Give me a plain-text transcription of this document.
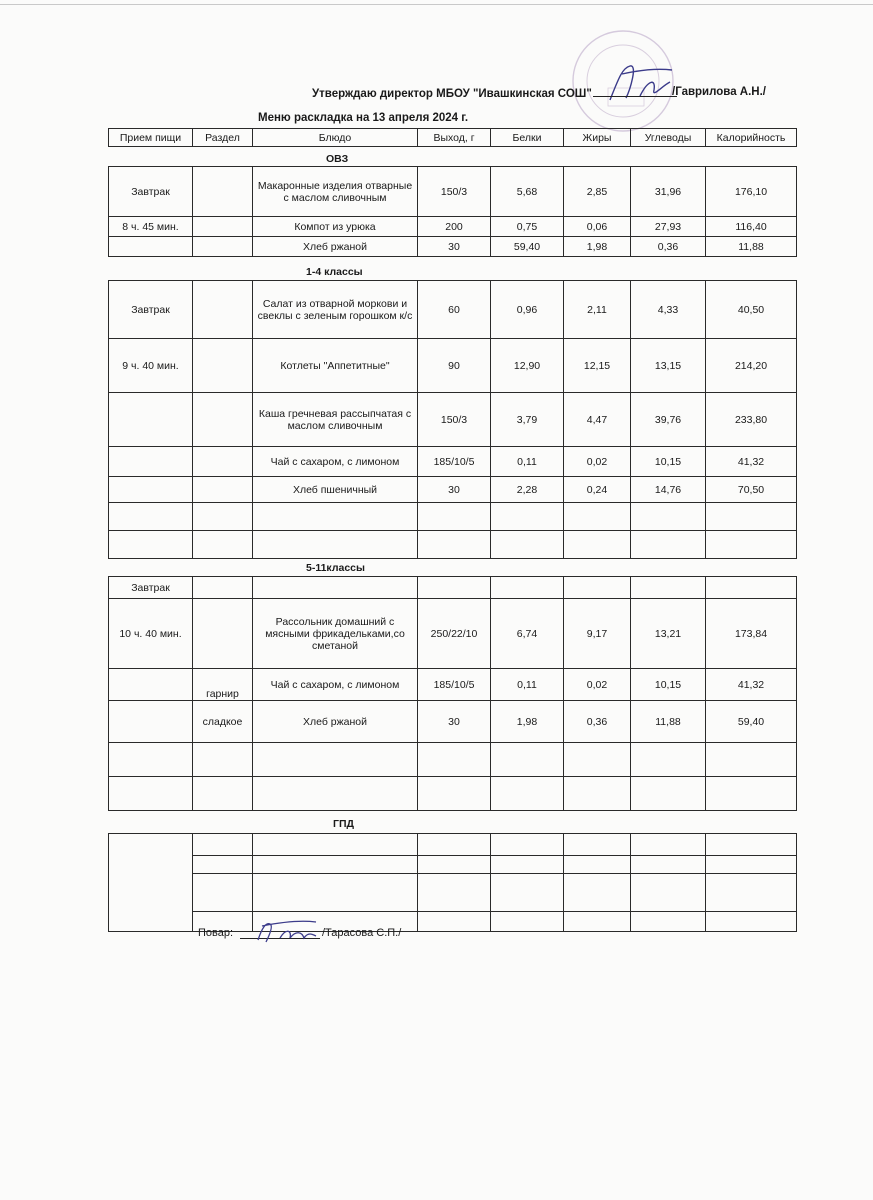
Утверждаю директор МБОУ "Ивашкинская СОШ"	/Гаврилова А.Н./
Меню раскладка на 13 апреля 2024 г.
Прием пищи	Раздел	Блюдо	Выход, г	Белки	Жиры	Углеводы	Калорийность
ОВЗ
Завтрак		Макаронные изделия отварные с маслом сливочным	150/3	5,68	2,85	31,96	176,10
8 ч. 45 мин.		Компот из урюка	200	0,75	0,06	27,93	116,40
		Хлеб ржаной	30	59,40	1,98	0,36	11,88
1-4 классы
Завтрак		Салат из отварной моркови и свеклы с зеленым горошком к/с	60	0,96	2,11	4,33	40,50
9 ч. 40 мин.		Котлеты "Аппетитные"	90	12,90	12,15	13,15	214,20
		Каша гречневая рассыпчатая с маслом сливочным	150/3	3,79	4,47	39,76	233,80
		Чай с сахаром, с лимоном	185/10/5	0,11	0,02	10,15	41,32
		Хлеб пшеничный	30	2,28	0,24	14,76	70,50

5-11классы
Завтрак							
10 ч. 40 мин.		Рассольник домашний с мясными фрикадельками,со сметаной	250/22/10	6,74	9,17	13,21	173,84
	гарнир	Чай с сахаром, с лимоном	185/10/5	0,11	0,02	10,15	41,32
	сладкое	Хлеб ржаной	30	1,98	0,36	11,88	59,40

ГПД

Повар:	/Тарасова С.П./
